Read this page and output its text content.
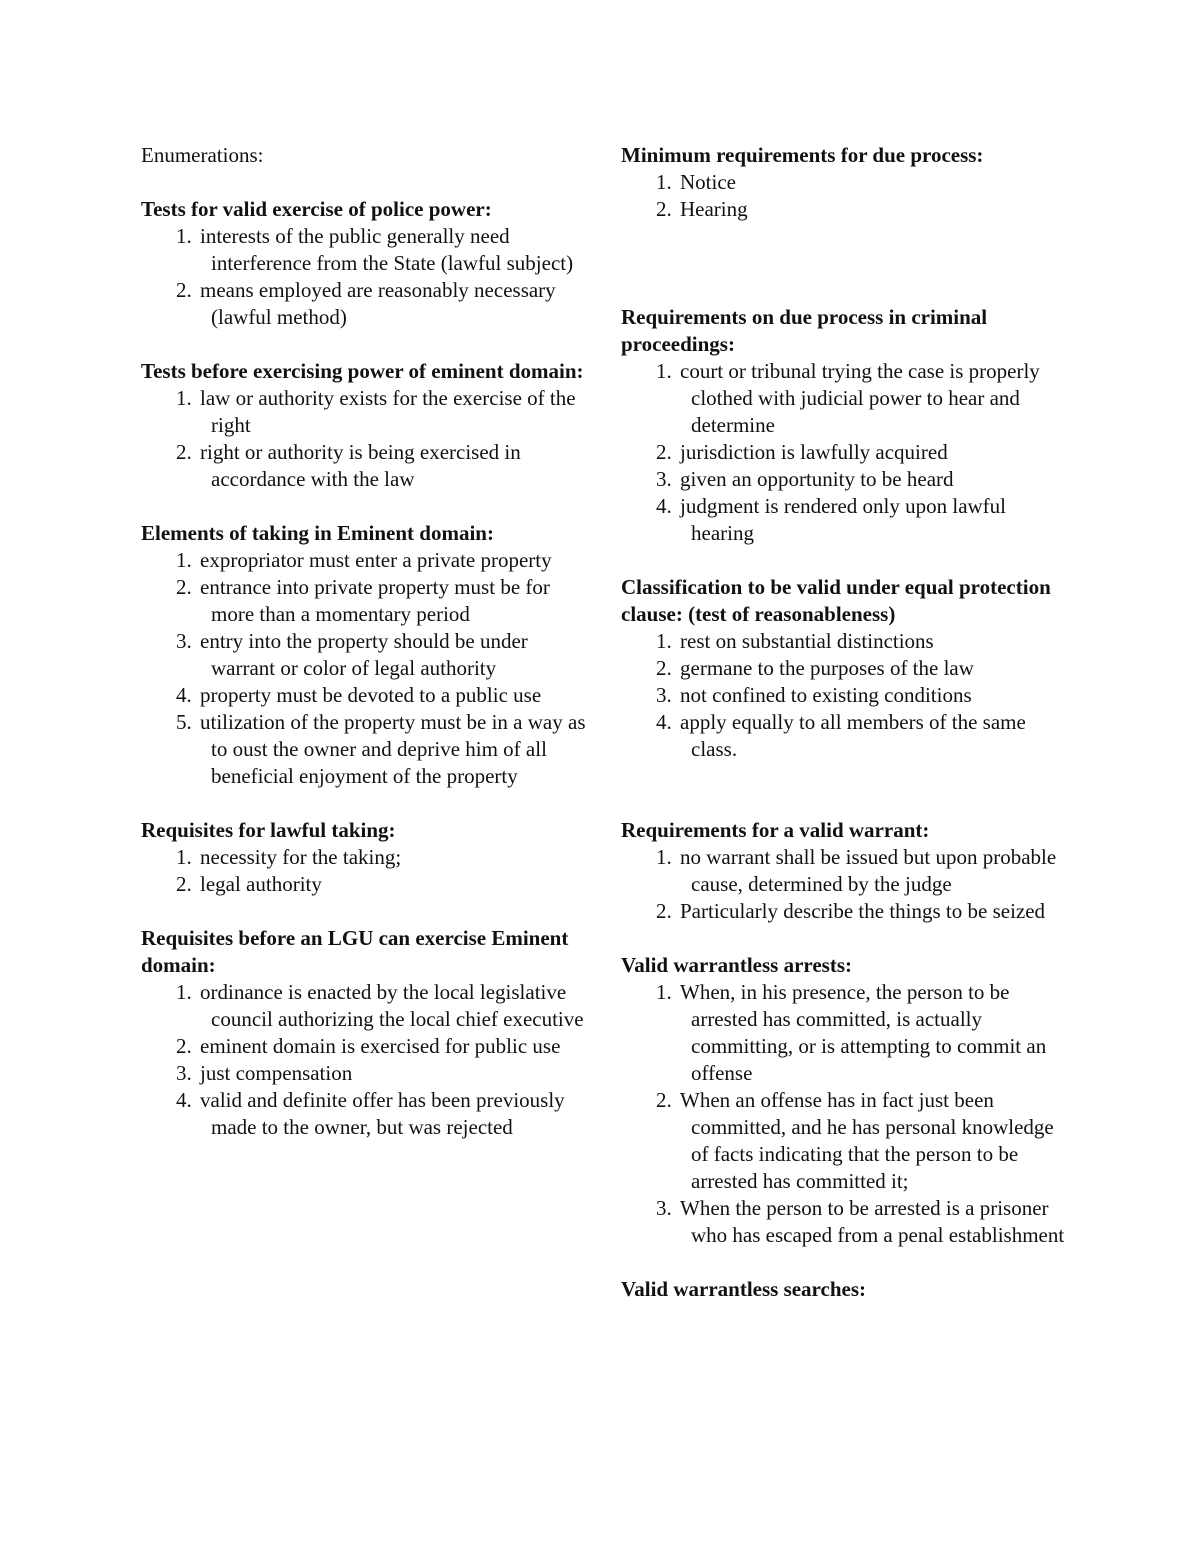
Enumerations:

Tests for valid exercise of police power:

1. interests of the public generally need interference from the State (lawful subject)
2. means employed are reasonably necessary (lawful method)

Tests before exercising power of eminent domain:

1. law or authority exists for the exercise of the right
2. right or authority is being exercised in accordance with the law

Elements of taking in Eminent domain:

1. expropriator must enter a private property
2. entrance into private property must be for more than a momentary period
3. entry into the property should be under warrant or color of legal authority
4. property must be devoted to a public use
5. utilization of the property must be in a way as to oust the owner and deprive him of all beneficial enjoyment of the property

Requisites for lawful taking:

1. necessity for the taking;
2. legal authority

Requisites before an LGU can exercise Eminent domain:

1. ordinance is enacted by the local legislative council authorizing the local chief executive
2. eminent domain is exercised for public use
3. just compensation
4. valid and definite offer has been previously made to the owner, but was rejected

Minimum requirements for due process:

1. Notice
2. Hearing

Requirements on due process in criminal proceedings:

1. court or tribunal trying the case is properly clothed with judicial power to hear and determine
2. jurisdiction is lawfully acquired
3. given an opportunity to be heard
4. judgment is rendered only upon lawful hearing

Classification to be valid under equal protection clause: (test of reasonableness)

1. rest on substantial distinctions
2. germane to the purposes of the law
3. not confined to existing conditions
4. apply equally to all members of the same class.

Requirements for a valid warrant:

1. no warrant shall be issued but upon probable cause, determined by the judge
2. Particularly describe the things to be seized

Valid warrantless arrests:

1. When, in his presence, the person to be arrested has committed, is actually committing, or is attempting to commit an offense
2. When an offense has in fact just been committed, and he has personal knowledge of facts indicating that the person to be arrested has committed it;
3. When the person to be arrested is a prisoner who has escaped from a penal establishment

Valid warrantless searches:
